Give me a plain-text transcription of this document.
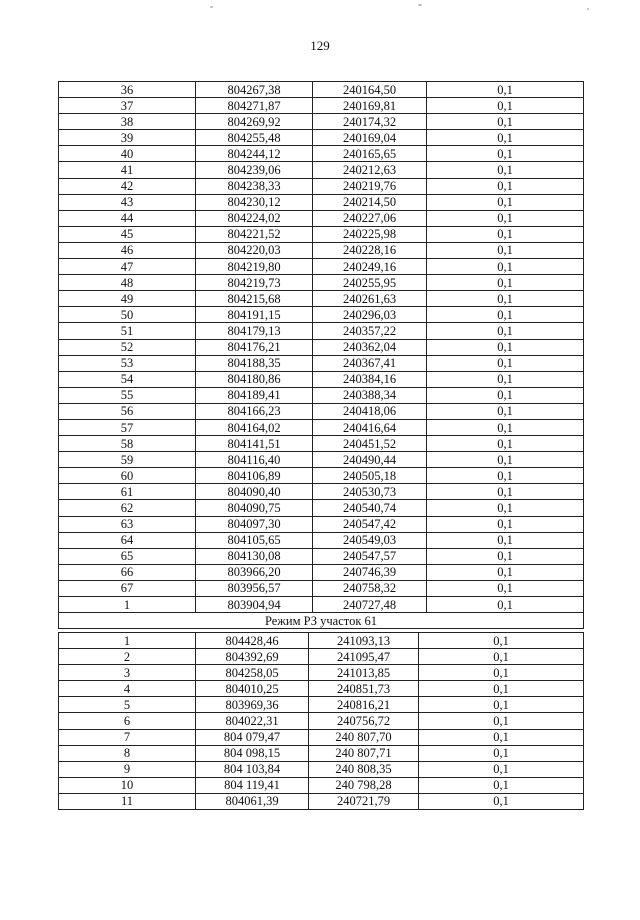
129
36	804267,38	240164,50	0,1
37	804271,87	240169,81	0,1
38	804269,92	240174,32	0,1
39	804255,48	240169,04	0,1
40	804244,12	240165,65	0,1
41	804239,06	240212,63	0,1
42	804238,33	240219,76	0,1
43	804230,12	240214,50	0,1
44	804224,02	240227,06	0,1
45	804221,52	240225,98	0,1
46	804220,03	240228,16	0,1
47	804219,80	240249,16	0,1
48	804219,73	240255,95	0,1
49	804215,68	240261,63	0,1
50	804191,15	240296,03	0,1
51	804179,13	240357,22	0,1
52	804176,21	240362,04	0,1
53	804188,35	240367,41	0,1
54	804180,86	240384,16	0,1
55	804189,41	240388,34	0,1
56	804166,23	240418,06	0,1
57	804164,02	240416,64	0,1
58	804141,51	240451,52	0,1
59	804116,40	240490,44	0,1
60	804106,89	240505,18	0,1
61	804090,40	240530,73	0,1
62	804090,75	240540,74	0,1
63	804097,30	240547,42	0,1
64	804105,65	240549,03	0,1
65	804130,08	240547,57	0,1
66	803966,20	240746,39	0,1
67	803956,57	240758,32	0,1
1	803904,94	240727,48	0,1
Режим РЗ участок 61			
1	804428,46	241093,13	0,1
2	804392,69	241095,47	0,1
3	804258,05	241013,85	0,1
4	804010,25	240851,73	0,1
5	803969,36	240816,21	0,1
6	804022,31	240756,72	0,1
7	804 079,47	240 807,70	0,1
8	804 098,15	240 807,71	0,1
9	804 103,84	240 808,35	0,1
10	804 119,41	240 798,28	0,1
11	804061,39	240721,79	0,1
